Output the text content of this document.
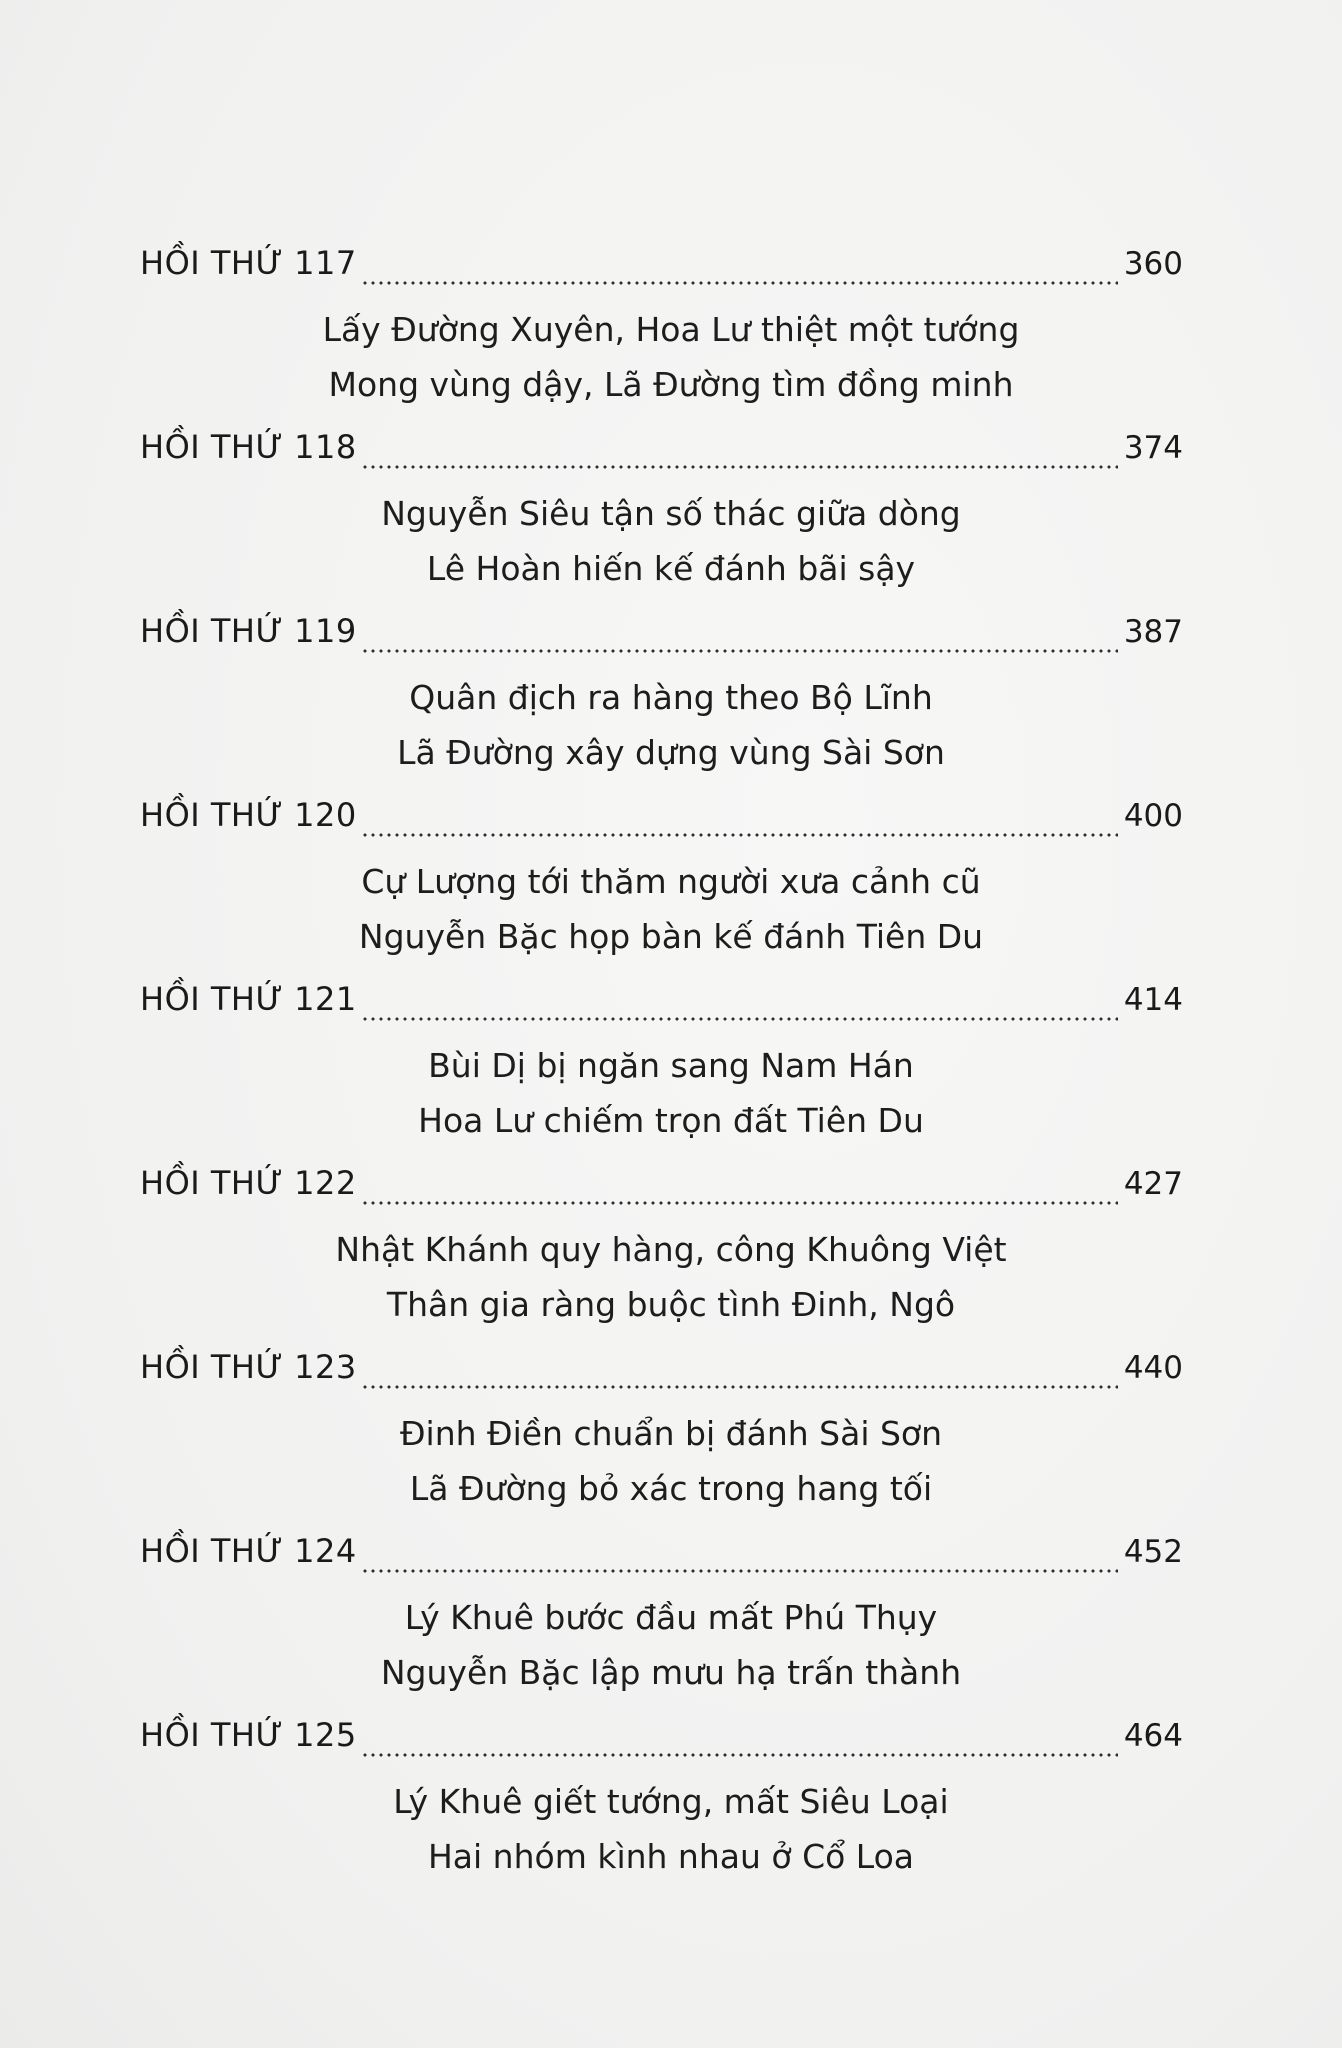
HỒI THỨ 117	360
Lấy Đường Xuyên, Hoa Lư thiệt một tướng
Mong vùng dậy, Lã Đường tìm đồng minh
HỒI THỨ 118	374
Nguyễn Siêu tận số thác giữa dòng
Lê Hoàn hiến kế đánh bãi sậy
HỒI THỨ 119	387
Quân địch ra hàng theo Bộ Lĩnh
Lã Đường xây dựng vùng Sài Sơn
HỒI THỨ 120	400
Cự Lượng tới thăm người xưa cảnh cũ
Nguyễn Bặc họp bàn kế đánh Tiên Du
HỒI THỨ 121	414
Bùi Dị bị ngăn sang Nam Hán
Hoa Lư chiếm trọn đất Tiên Du
HỒI THỨ 122	427
Nhật Khánh quy hàng, công Khuông Việt
Thân gia ràng buộc tình Đinh, Ngô
HỒI THỨ 123	440
Đinh Điền chuẩn bị đánh Sài Sơn
Lã Đường bỏ xác trong hang tối
HỒI THỨ 124	452
Lý Khuê bước đầu mất Phú Thụy
Nguyễn Bặc lập mưu hạ trấn thành
HỒI THỨ 125	464
Lý Khuê giết tướng, mất Siêu Loại
Hai nhóm kình nhau ở Cổ Loa
